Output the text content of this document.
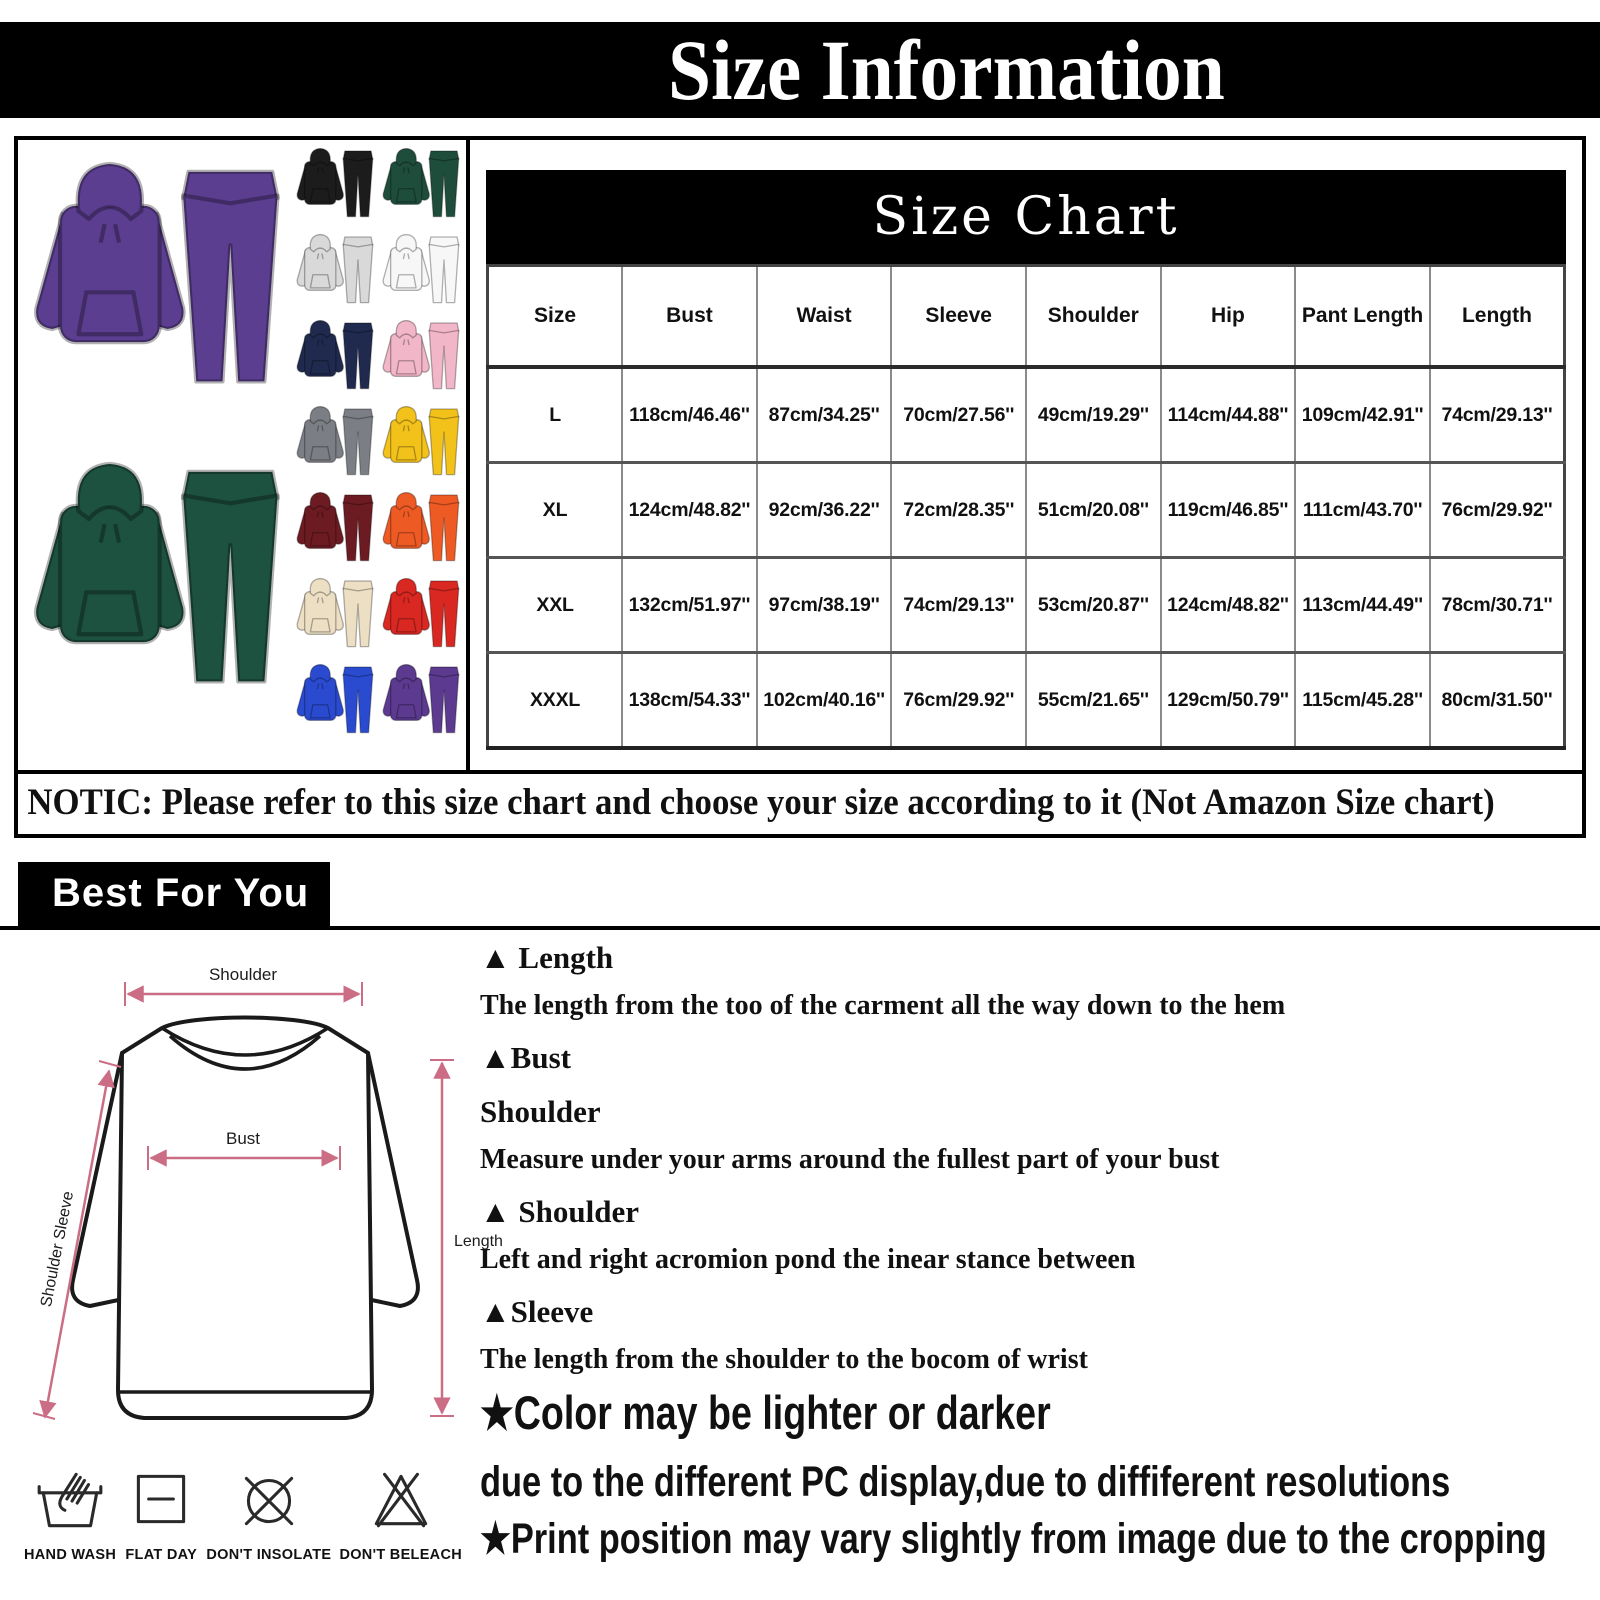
Size Information
Size Chart
Size	Bust	Waist	Sleeve	Shoulder	Hip	Pant Length	Length
L	118cm/46.46''	87cm/34.25''	70cm/27.56''	49cm/19.29''	114cm/44.88''	109cm/42.91''	74cm/29.13''
XL	124cm/48.82''	92cm/36.22''	72cm/28.35''	51cm/20.08''	119cm/46.85''	111cm/43.70''	76cm/29.92''
XXL	132cm/51.97''	97cm/38.19''	74cm/29.13''	53cm/20.87''	124cm/48.82''	113cm/44.49''	78cm/30.71''
XXXL	138cm/54.33''	102cm/40.16''	76cm/29.92''	55cm/21.65''	129cm/50.79''	115cm/45.28''	80cm/31.50''
NOTIC: Please refer to this size chart and choose your size according to it (Not Amazon Size chart)
Best For You
Shoulder
Bust
Length
Shoulder Sleeve
▲ Length
The length from the too of the carment all the way down to the hem
▲Bust
Shoulder
Measure under your arms around the fullest part of your bust
▲ Shoulder
Left and right acromion pond the inear stance between
▲Sleeve
The length from the shoulder to the bocom of wrist
★Color may be lighter or darker
due to the different PC display,due to diffiferent resolutions
★Print position may vary slightly from image due to the cropping
HAND WASH FLAT DAY DON'T INSOLATE DON'T BELEACH
